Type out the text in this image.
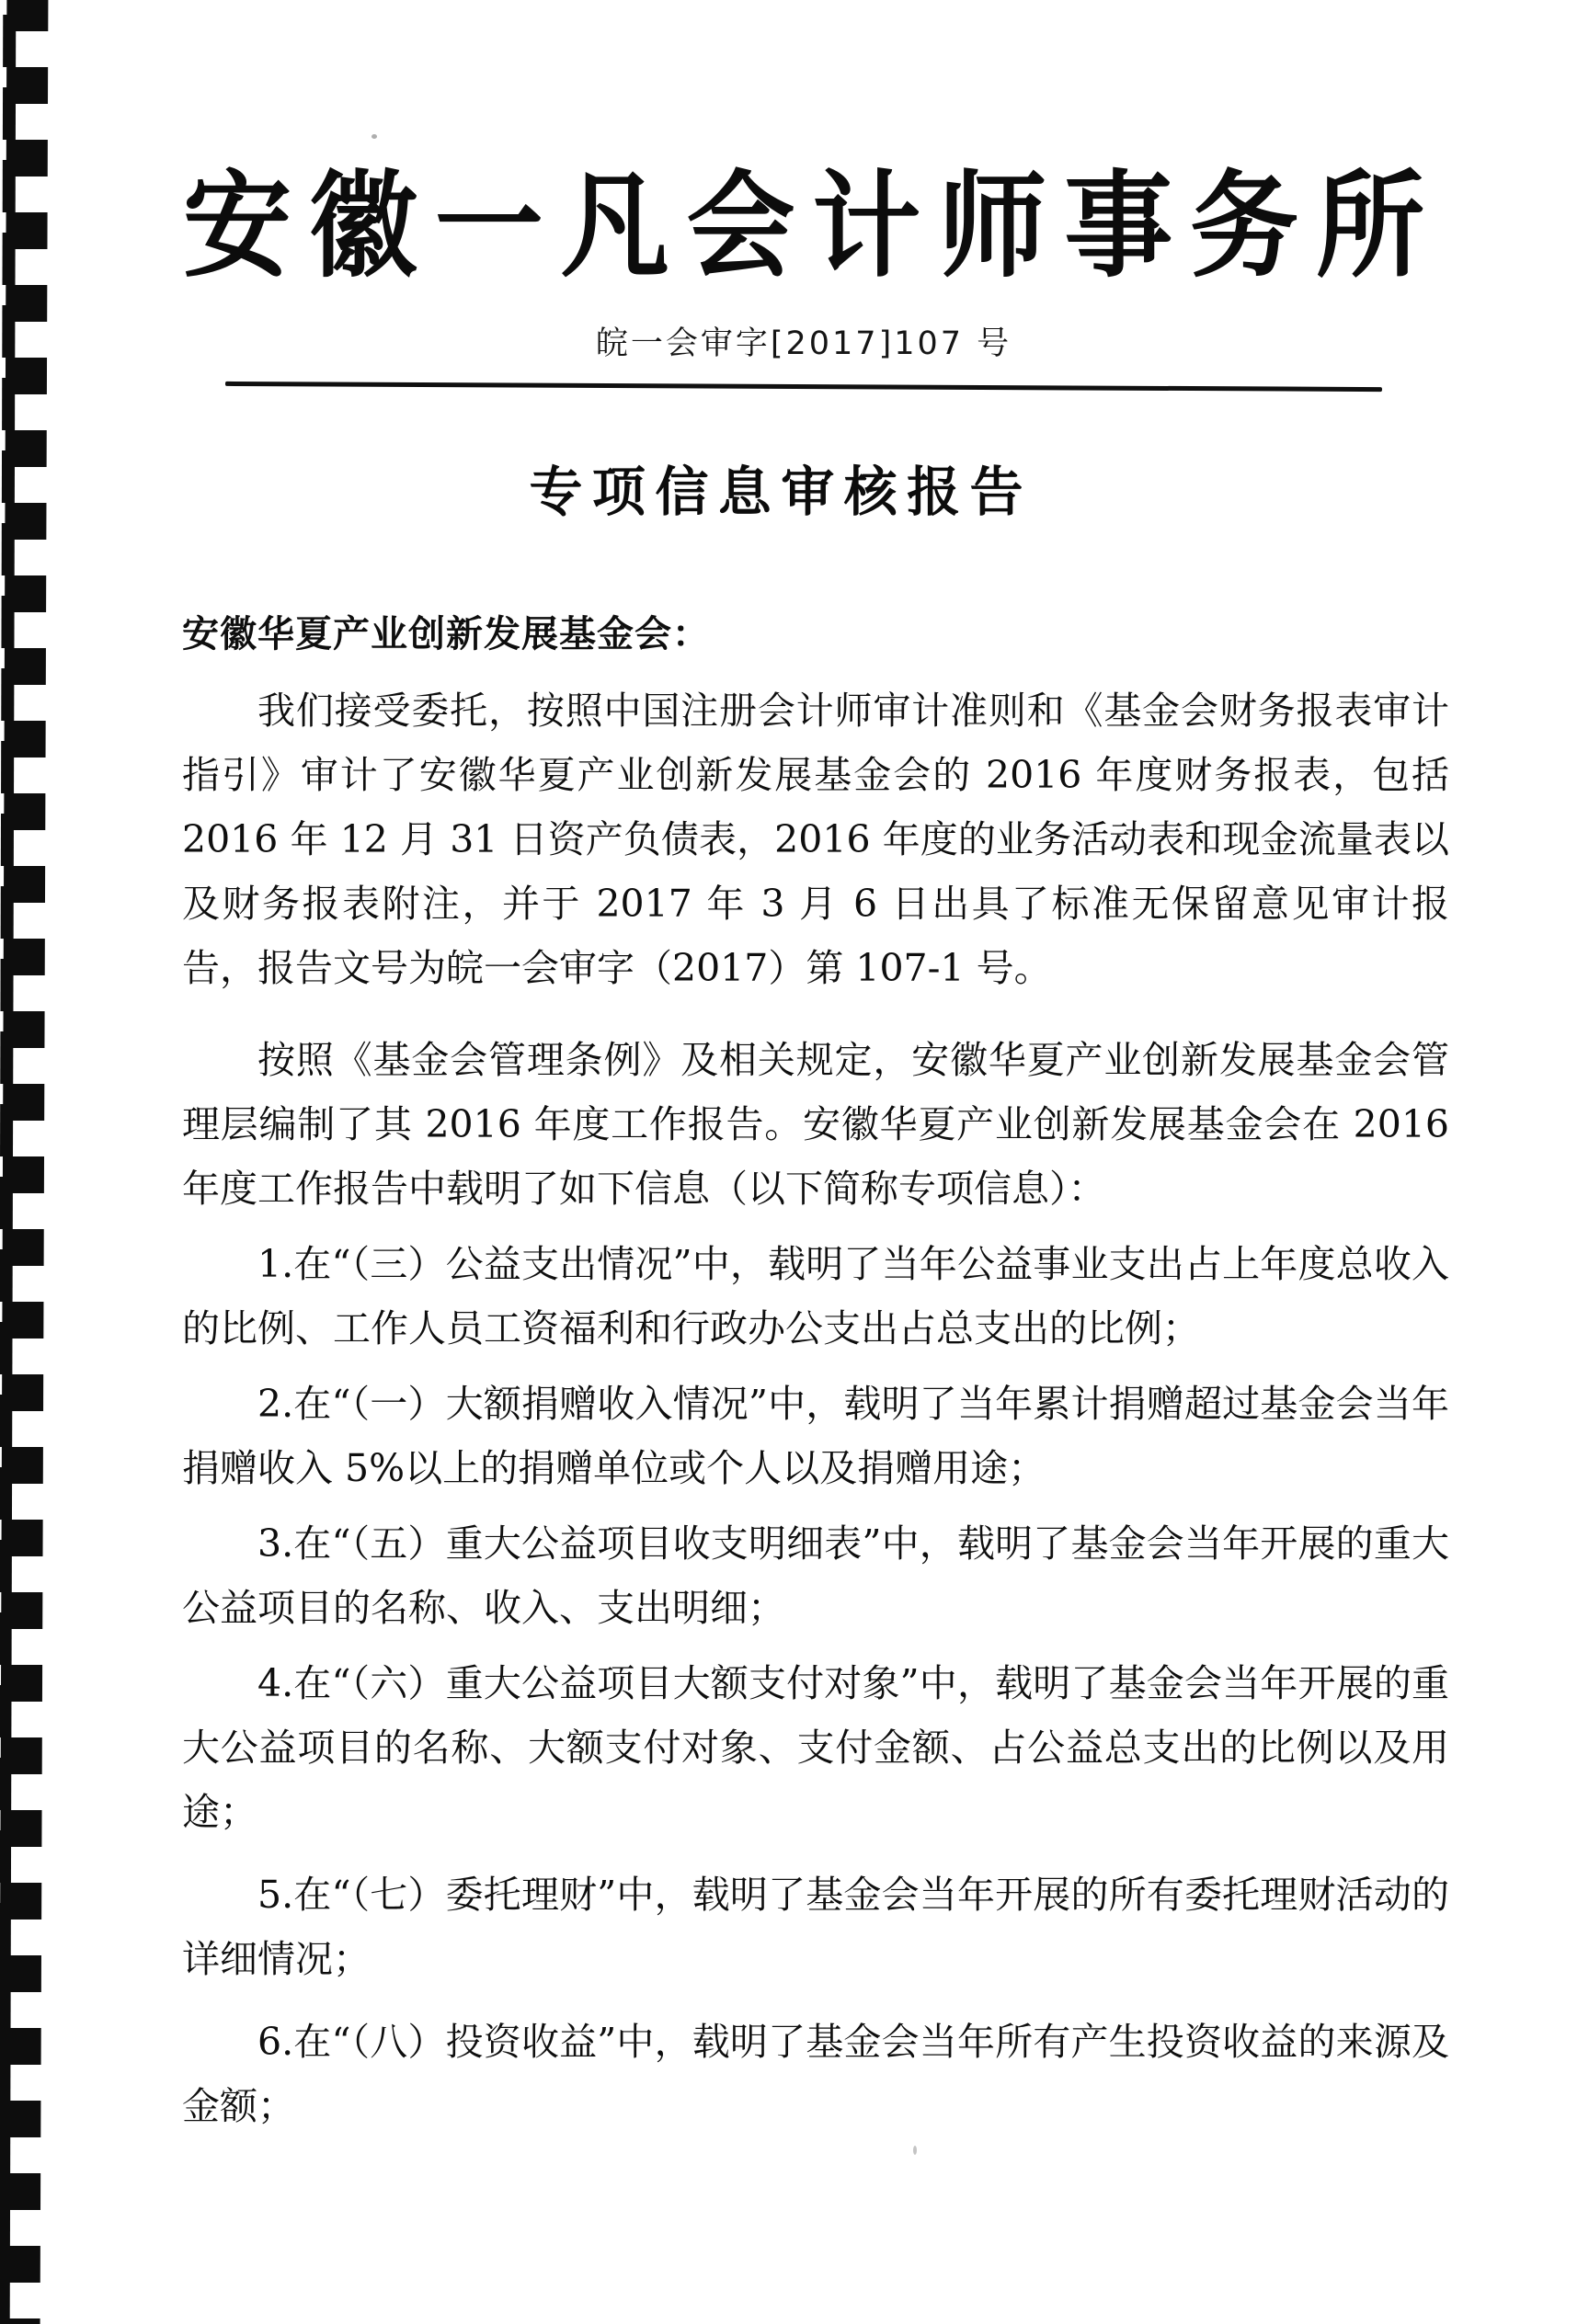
安徽一凡会计师事务所
皖一会审字[2017]107 号
专项信息审核报告
安徽华夏产业创新发展基金会：

我们接受委托，按照中国注册会计师审计准则和《基金会财务报表审计指引》审计了安徽华夏产业创新发展基金会的 2016 年度财务报表，包括 2016 年 12 月 31 日资产负债表，2016 年度的业务活动表和现金流量表以及财务报表附注，并于 2017 年 3 月 6 日出具了标准无保留意见审计报告，报告文号为皖一会审字（2017）第 107-1 号。

按照《基金会管理条例》及相关规定，安徽华夏产业创新发展基金会管理层编制了其 2016 年度工作报告。安徽华夏产业创新发展基金会在 2016 年度工作报告中载明了如下信息（以下简称专项信息）：

1.在“（三）公益支出情况”中，载明了当年公益事业支出占上年度总收入的比例、工作人员工资福利和行政办公支出占总支出的比例；

2.在“（一）大额捐赠收入情况”中，载明了当年累计捐赠超过基金会当年捐赠收入 5%以上的捐赠单位或个人以及捐赠用途；

3.在“（五）重大公益项目收支明细表”中，载明了基金会当年开展的重大公益项目的名称、收入、支出明细；

4.在“（六）重大公益项目大额支付对象”中，载明了基金会当年开展的重大公益项目的名称、大额支付对象、支付金额、占公益总支出的比例以及用途；

5.在“（七）委托理财”中，载明了基金会当年开展的所有委托理财活动的详细情况；

6.在“（八）投资收益”中，载明了基金会当年所有产生投资收益的来源及金额；
